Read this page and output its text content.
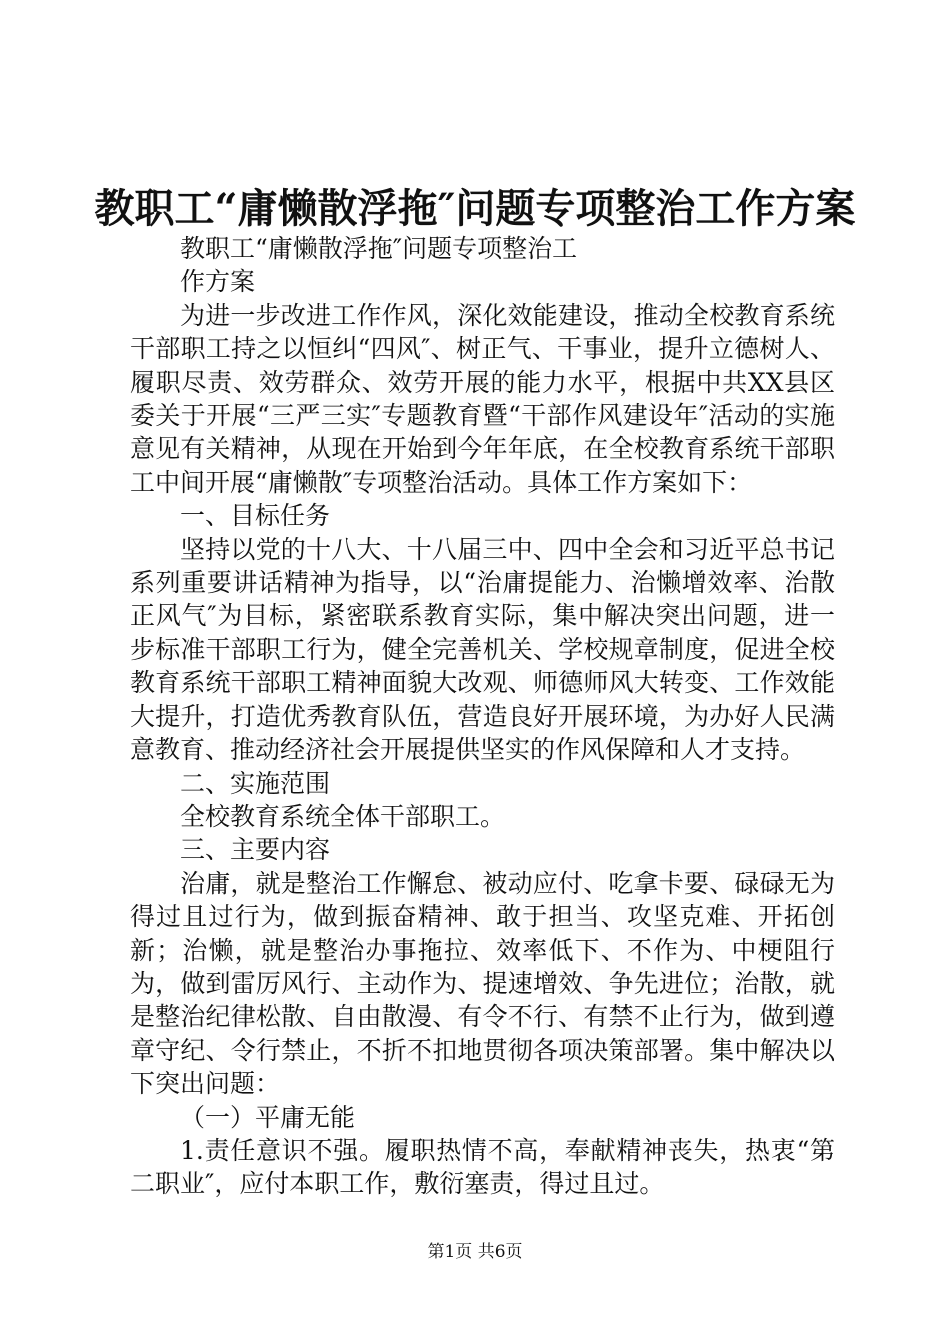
教职工“庸懒散浮拖″问题专项整治工作方案

教职工“庸懒散浮拖″问题专项整治工

作方案

为进一步改进工作作风，深化效能建设，推动全校教育系统干部职工持之以恒纠“四风″、树正气、干事业，提升立德树人、履职尽责、效劳群众、效劳开展的能力水平，根据中共XX县区委关于开展“三严三实″专题教育暨“干部作风建设年″活动的实施意见有关精神，从现在开始到今年年底，在全校教育系统干部职工中间开展“庸懒散″专项整治活动。具体工作方案如下：

一、目标任务

坚持以党的十八大、十八届三中、四中全会和习近平总书记系列重要讲话精神为指导，以“治庸提能力、治懒增效率、治散正风气″为目标，紧密联系教育实际，集中解决突出问题，进一步标准干部职工行为，健全完善机关、学校规章制度，促进全校教育系统干部职工精神面貌大改观、师德师风大转变、工作效能大提升，打造优秀教育队伍，营造良好开展环境，为办好人民满意教育、推动经济社会开展提供坚实的作风保障和人才支持。

二、实施范围

全校教育系统全体干部职工。

三、主要内容

治庸，就是整治工作懈怠、被动应付、吃拿卡要、碌碌无为得过且过行为，做到振奋精神、敢于担当、攻坚克难、开拓创新；治懒，就是整治办事拖拉、效率低下、不作为、中梗阻行为，做到雷厉风行、主动作为、提速增效、争先进位；治散，就是整治纪律松散、自由散漫、有令不行、有禁不止行为，做到遵章守纪、令行禁止，不折不扣地贯彻各项决策部署。集中解决以下突出问题：

（一）平庸无能

1.责任意识不强。履职热情不高，奉献精神丧失，热衷“第二职业″，应付本职工作，敷衍塞责，得过且过。

第1页 共6页
